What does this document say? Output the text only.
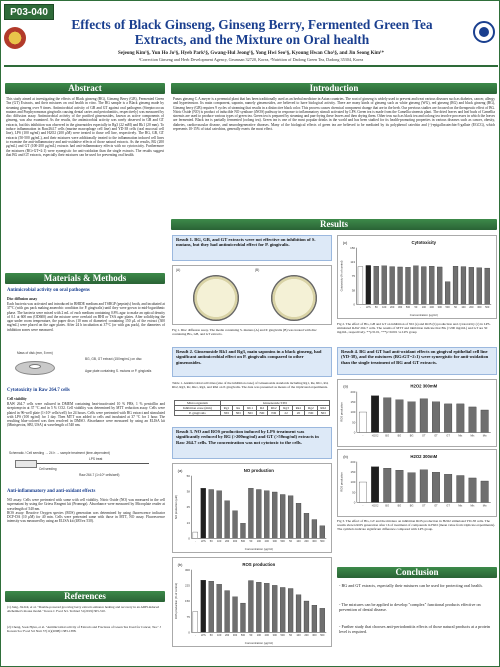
P03-040
Effects of Black Ginseng, Ginseng Berry, Fermented Green Tea Extracts, and the Mixture on Oral health
Sejeong Kim¹§, Yun Ho Jo¹§, Hyeb Park¹§, Gwang-Hul Jeong¹§, Yong Hwi Seo¹§, Kyoung Hwan Cho¹§, and Jin Seong Kim¹*
¹Correction Ginseng and Herb Development Agency, Geumsan 32720, Korea, ²Nutrition of Dadong Green Tea, Dadong 35304, Korea
Abstract
This study aimed at investigating the effects of Black ginseng (BG), Ginseng Berry (GB), Fermented Green Tea (GT) Extracts, and their mixtures on oral health in vitro. The BG sample is a Black ginseng made by steaming ginseng over 9 times. Antimicrobial activity of GB and GT against oral pathogens (Streptococcus mutans and Porphyromonas gingivalis causing dental caries and periodontitis, respectively) was measured by disc diffusion assay. Antimicrobial activity of the purified ginsenosides, known as active components of ginseng, was also examined. As the results, the antimicrobial activity was rarely observed in GB and GT extracts, but this inhibition was observed in the ginsenoides especially in Rg3 (22 mM) and Rk1 (20 mm). To induce inflammation in Raw264.7 cells (murine macrophage cell line) and YD-38 cells (oral mucosal cell line), LPS (100 ng/ml) and H2O2 (200 μM) were treated to those cell line, respectively. The BG, GB, GT extracts (50-500 μg/mL), and their mixtures were additionally treated to the inflammation induced cell lines to examine the anti-inflammatory and anti-oxidative effects of those natural extracts. As the results, BG (200 μg/mL) and GT (100-200 μg/mL) extracts had anti-inflammatory effects with no cytotoxicity. Furthermore the mixtures (BG+GT=2:1) were synergistic for anti-oxidation than the single extracts. The results suggest that BG and GT extracts, especially their mixtures can be used for preventing oral health.
Materials & Methods
Antimicrobial activity on oral pathogens
Disc diffusion assay
Each bacteria was activated and introduced in BHIDE medium and TSBGP (pepsin(s) broth, and incubated at 37°C (with gas pack making anaerobic condition for P. gingivalis) until they were grown to mid-logarithmic phase. The bacteria were mixed with 2 mL of each medium containing 0.8% agar to make an optical density of 0.1 at 600 nm (OD600) and the mixture were overlaid on BHI or TSA agar plates. After solidifying the agar under room temperature, the paper discs (10 mm of diameter) containing 150 μL of the extract (300 mg/mL) were placed on the agar plates. After 24 h incubation at 37°C (or with gas pack), the diameters of inhibition zones were measured.
Mass of disk (mm, 5 mm)
BG, GB, GT extract (150mg/mL) on disc
Agar plate containing S. mutans or P. gingivalis
Cytotoxicity in Raw 264.7 cells
Cell viability
RAW 264.7 cells were cultured in DMEM containing heat-inactivated 10 % FBS, 1 % penicillin and streptomycin at 37 °C and in 5 % CO2. Cell viability was determined by MTT reduction assay. Cells were plated in 96-well plate (1×10⁵ cells/well) for 24 hours. Cells were pretreated with BG extract and stimulated with LPS (100 ng/ml) for 1 day. Then MTT was added to cells and incubated at 37 °C for 1 hour. The resulting blue-colored was then resolved in DMSO. Absorbance were measured by using an ELISA kit (Minispectra, SBI, USA) at wavelength of 540 nm.
Schematic / Cell seeding → 24 h → sample treatment (time-dependent)
Cell seeding
LPS treat
Raw 264.7 (1×10⁵ cells/well)
Anti-inflammatory and anti-oxidant effects
NO assay: Cells were pretreated with some with cell viability. Nitric Oxide (NO) was measured in the cell supernatant by using the Griess Reagent kit (Promega). Absorbance were measured by Microplate reader at wavelength of 540 nm.
ROS assay: Reactive Oxygen species (ROS) generation was determined by using fluorescence indicator DCF-DA (10 μM) for 40 min. Cells were pretreated same with those in MTT, NO assay. Fluorescence intensity was measured by using an ELISA kit (485/ex 530).
References
(1) Jung, Jin Kil, et al. "Double-powered grooving berry extracts enhance healing and recovery in an ADH-induced Alzheimer's mouse model." Korea J. Food Sci. Technol 51(2019):305-310.
(2) Cheng, Sook Hyun, et al. "Antimicrobial activity of Extracts and Fractions of Green Tea Used for Cancer, Tea." J Korean Soc Food Sci Nutr 37(11)(2008):1383-1388.
Introduction
Panax ginseng C.A.meyer is a perennial plant that has been traditionally used as an herbal medicine in Asian countries. The root of ginseng is widely used to prevent and treat various diseases such as diabetes, cancer, allergy and hypertension. Its main component, saponin, namely ginsenosides, are believed to have biological activity. There are many kinds of ginseng such as white ginseng (WG), red ginseng (RG) and black ginseng (BG), Ginseng berry (GB) requires 9 cycles of steaming that results in a distinctive black color. This process causes chemical component change that are in the herb. Our previous studies are focused on the therapeutic effect of BG. Nitric Oxide (NO) is product of inducible NO synthase (iNOS) pathway in response to inflammatory stimuli activated by LPS. Green tea is made from the Camellia sinensis plant. The dried leaves and leaf buds of Camellia sinensis are used to produce various types of green tea. Green tea is prepared by steaming and pan-frying these leaves and then drying them. Other teas such as black tea and oolong tea involve processes in which the leaves are fermented. Black tea is partially fermented (oolong tea). Green tea is one of the most popular drinks in the world and has been studied for its health-promoting properties in various diseases such as cancer, obesity, diabetes, cardiovascular disease, and neurodegenerative diseases. Many of the biological effects of green tea are believed to be mediated by its polyphenol catechin and (-)-epigallocatechin-3-gallate (EGCG), which represents 10-15% of total catechins, generally exerts the most effect.
Results
Result 1. BG, GB, and GT extracts were not effective on inhibition of S. mutans, but they had antimicrobial effect for P. gingivalis.
(A)	(B)
Fig 1. Disc diffusion assay. The media containing S. mutans (A) and P. gingivalis (B) was treated with disc containing BG, GB, and GT extracts.
Result 2. Ginsenoside Rk1 and Rg3, main saponins in a black ginseng, had significant antimicrobial effect on P. gingivalis compared to other ginsenosides.
Table 1. Antimicrobial activities (size of the inhibition zone) of Ginsenoside standards including Rg1, Re, Rb1, Rd, Rb2, Rg3, Rc, Rk1, Rg2, and Rh2 on P. gingivalis. The data was presented as means of the triplicated experiments.
Microorganism	Ginsenoside STD								
Inhibition zone (mm)	Rg1	Re	Rb1	Rd	Rb2	Rg3	Rk1	Rg2	Rh2
P. gingivalis	ND	ND	ND	ND	ND	22	20	ND	ND
Result 3. NO and ROS production induced by LPS treatment was significantly reduced by BG (>200mg/ml) and GT (>50mg/ml) extracts in Raw 264.7 cells. The concentration was not cytotoxic to the cells.
(a)	NO production
0
13
25
38
50
NO production (μM)
- LPS 50 100 200 300 500 50 100 200 300 500 50 100 200 300 500
Concentration (μg/ml)
(b)	ROS production
0
75
150
225
300
ROS production (% of control)
- LPS 50 100 200 300 500 50 100 200 300 500 50 100 200 300 500
Concentration (μg/ml)
(c)	Cytotoxicity
0
38
75
113
150
Cytotoxicity (% of control)
- LPS 50 100 200 300 500 50 100 200 300 500 50 100 200 300 500
Concentration (μg/ml)
Fig 2. The effect of BG, GB and GT on inhibition of NO (a) and ROS (b) production and cytotoxicity (c) in LPS-stimulated RAW 264.7 cells. The results of MTT and inhibition indicate that BG (>200 mg/mL) and GT are 50 mg/mL, respectively. **p<0.01, ***p<0.001 vs LPS group
Result 4. BG and GT had anti-oxidant effects on gingival epithelial cell line (YD-38), and the mixtures (BG:GT=2:1) were synergistic for anti-oxidation than the single treatment of BG and GT extracts.
(a)	H2O2 300mM
0
50
100
150
200
ROS production
-	H2O2	BG	BG	BG	GT	GT	GT	Mix	Mix	Mix
(b)	H2O2 300mM
0
50
100
150
200
ROS production
-	H2O2	BG	BG	BG	GT	GT	GT	Mix	Mix	Mix
Fig 3. The effect of BG, GT and the mixture on inhibition ROS production in H2O2 stimulated YD-38 cells. The results shown ROS generation after 1h of treatment of compounds in H2O (mean value from triplicate experiments). The symbols indicate significant difference compared with LPS group.
Conclusion
- BG and GT extracts, especially their mixtures can be used for protecting oral health.
- The mixtures can be applied to develop "complex" functional products effective on prevention of dental disease.
- Further study that chooses anti-periodontitis effects of those natural products at a protein level is required.
